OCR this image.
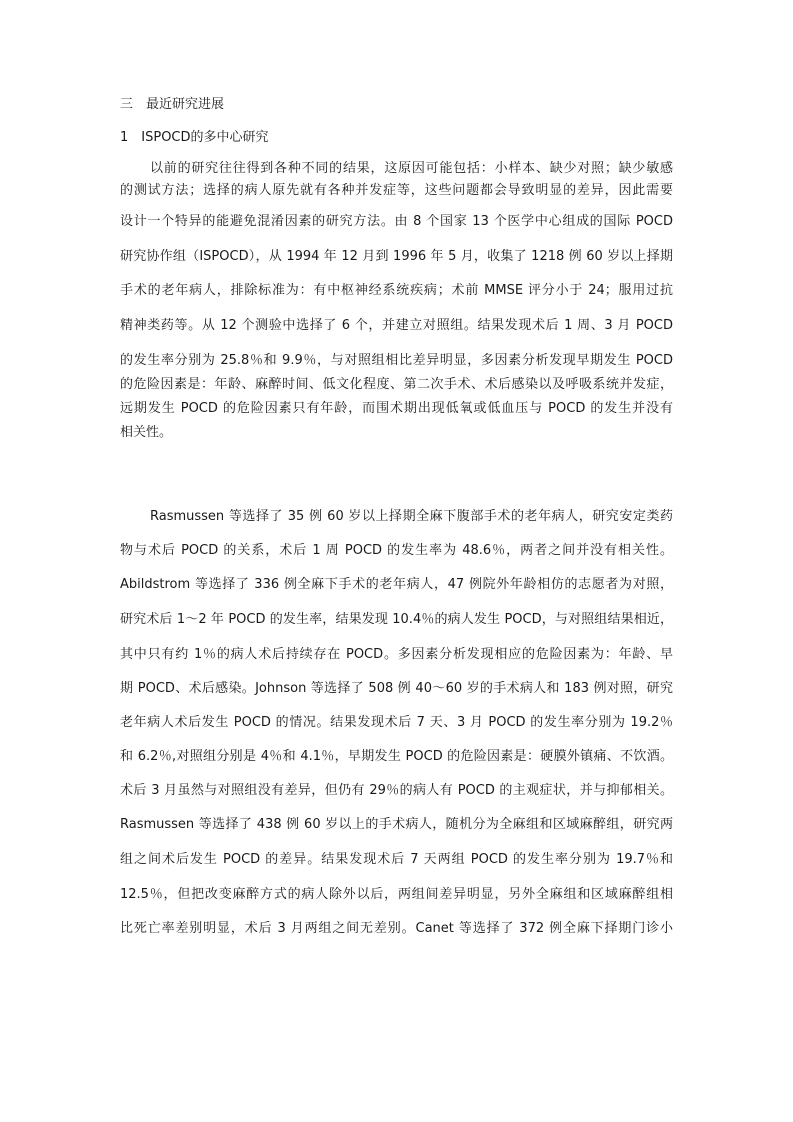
三　最近研究进展
1　ISPOCD的多中心研究
以前的研究往往得到各种不同的结果，这原因可能包括：小样本、缺少对照；缺少敏感
的测试方法；选择的病人原先就有各种并发症等，这些问题都会导致明显的差异，因此需要
设计一个特异的能避免混淆因素的研究方法。由 8 个国家 13 个医学中心组成的国际 POCD
研究协作组（ISPOCD），从 1994 年 12 月到 1996 年 5 月，收集了 1218 例 60 岁以上择期
手术的老年病人，排除标准为：有中枢神经系统疾病；术前 MMSE 评分小于 24；服用过抗
精神类药等。从 12 个测验中选择了 6 个，并建立对照组。结果发现术后 1 周、3 月 POCD
的发生率分别为 25.8％和 9.9％，与对照组相比差异明显，多因素分析发现早期发生 POCD
的危险因素是：年龄、麻醉时间、低文化程度、第二次手术、术后感染以及呼吸系统并发症，
远期发生 POCD 的危险因素只有年龄，而围术期出现低氧或低血压与 POCD 的发生并没有
相关性。
Rasmussen 等选择了 35 例 60 岁以上择期全麻下腹部手术的老年病人，研究安定类药
物与术后 POCD 的关系，术后 1 周 POCD 的发生率为 48.6％，两者之间并没有相关性。
Abildstrom 等选择了 336 例全麻下手术的老年病人，47 例院外年龄相仿的志愿者为对照，
研究术后 1～2 年 POCD 的发生率，结果发现 10.4％的病人发生 POCD，与对照组结果相近，
其中只有约 1％的病人术后持续存在 POCD。多因素分析发现相应的危险因素为：年龄、早
期 POCD、术后感染。Johnson 等选择了 508 例 40～60 岁的手术病人和 183 例对照，研究
老年病人术后发生 POCD 的情况。结果发现术后 7 天、3 月 POCD 的发生率分别为 19.2％
和 6.2％,对照组分别是 4％和 4.1％，早期发生 POCD 的危险因素是：硬膜外镇痛、不饮酒。
术后 3 月虽然与对照组没有差异，但仍有 29％的病人有 POCD 的主观症状，并与抑郁相关。
Rasmussen 等选择了 438 例 60 岁以上的手术病人，随机分为全麻组和区域麻醉组，研究两
组之间术后发生 POCD 的差异。结果发现术后 7 天两组 POCD 的发生率分别为 19.7％和
12.5％，但把改变麻醉方式的病人除外以后，两组间差异明显，另外全麻组和区域麻醉组相
比死亡率差别明显，术后 3 月两组之间无差别。Canet 等选择了 372 例全麻下择期门诊小
